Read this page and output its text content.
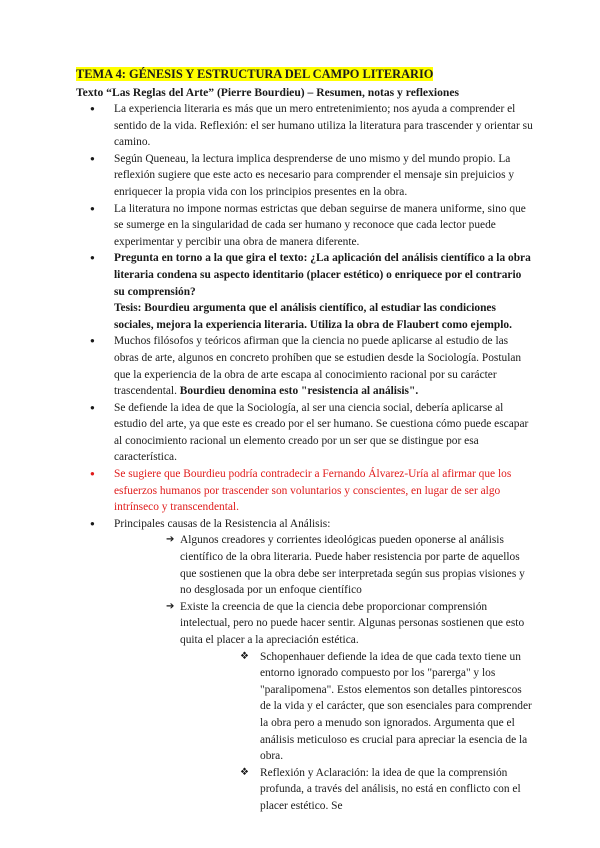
TEMA 4: GÉNESIS Y ESTRUCTURA DEL CAMPO LITERARIO
Texto “Las Reglas del Arte” (Pierre Bourdieu) – Resumen, notas y reflexiones
● La experiencia literaria es más que un mero entretenimiento; nos ayuda a comprender el sentido de la vida. Reflexión: el ser humano utiliza la literatura para trascender y orientar su camino.
● Según Queneau, la lectura implica desprenderse de uno mismo y del mundo propio. La reflexión sugiere que este acto es necesario para comprender el mensaje sin prejuicios y enriquecer la propia vida con los principios presentes en la obra.
● La literatura no impone normas estrictas que deban seguirse de manera uniforme, sino que se sumerge en la singularidad de cada ser humano y reconoce que cada lector puede experimentar y percibir una obra de manera diferente.
● Pregunta en torno a la que gira el texto: ¿La aplicación del análisis científico a la obra literaria condena su aspecto identitario (placer estético) o enriquece por el contrario su comprensión?
Tesis: Bourdieu argumenta que el análisis científico, al estudiar las condiciones sociales, mejora la experiencia literaria. Utiliza la obra de Flaubert como ejemplo.
● Muchos filósofos y teóricos afirman que la ciencia no puede aplicarse al estudio de las obras de arte, algunos en concreto prohíben que se estudien desde la Sociología. Postulan que la experiencia de la obra de arte escapa al conocimiento racional por su carácter trascendental. Bourdieu denomina esto "resistencia al análisis".
● Se defiende la idea de que la Sociología, al ser una ciencia social, debería aplicarse al estudio del arte, ya que este es creado por el ser humano. Se cuestiona cómo puede escapar al conocimiento racional un elemento creado por un ser que se distingue por esa característica.
● Se sugiere que Bourdieu podría contradecir a Fernando Álvarez-Uría al afirmar que los esfuerzos humanos por trascender son voluntarios y conscientes, en lugar de ser algo intrínseco y transcendental.
● Principales causas de la Resistencia al Análisis:
➔ Algunos creadores y corrientes ideológicas pueden oponerse al análisis científico de la obra literaria. Puede haber resistencia por parte de aquellos que sostienen que la obra debe ser interpretada según sus propias visiones y no desglosada por un enfoque científico
➔ Existe la creencia de que la ciencia debe proporcionar comprensión intelectual, pero no puede hacer sentir. Algunas personas sostienen que esto quita el placer a la apreciación estética.
❖ Schopenhauer defiende la idea de que cada texto tiene un entorno ignorado compuesto por los "parerga" y los "paralipomena". Estos elementos son detalles pintorescos de la vida y el carácter, que son esenciales para comprender la obra pero a menudo son ignorados. Argumenta que el análisis meticuloso es crucial para apreciar la esencia de la obra.
❖ Reflexión y Aclaración: la idea de que la comprensión profunda, a través del análisis, no está en conflicto con el placer estético. Se
